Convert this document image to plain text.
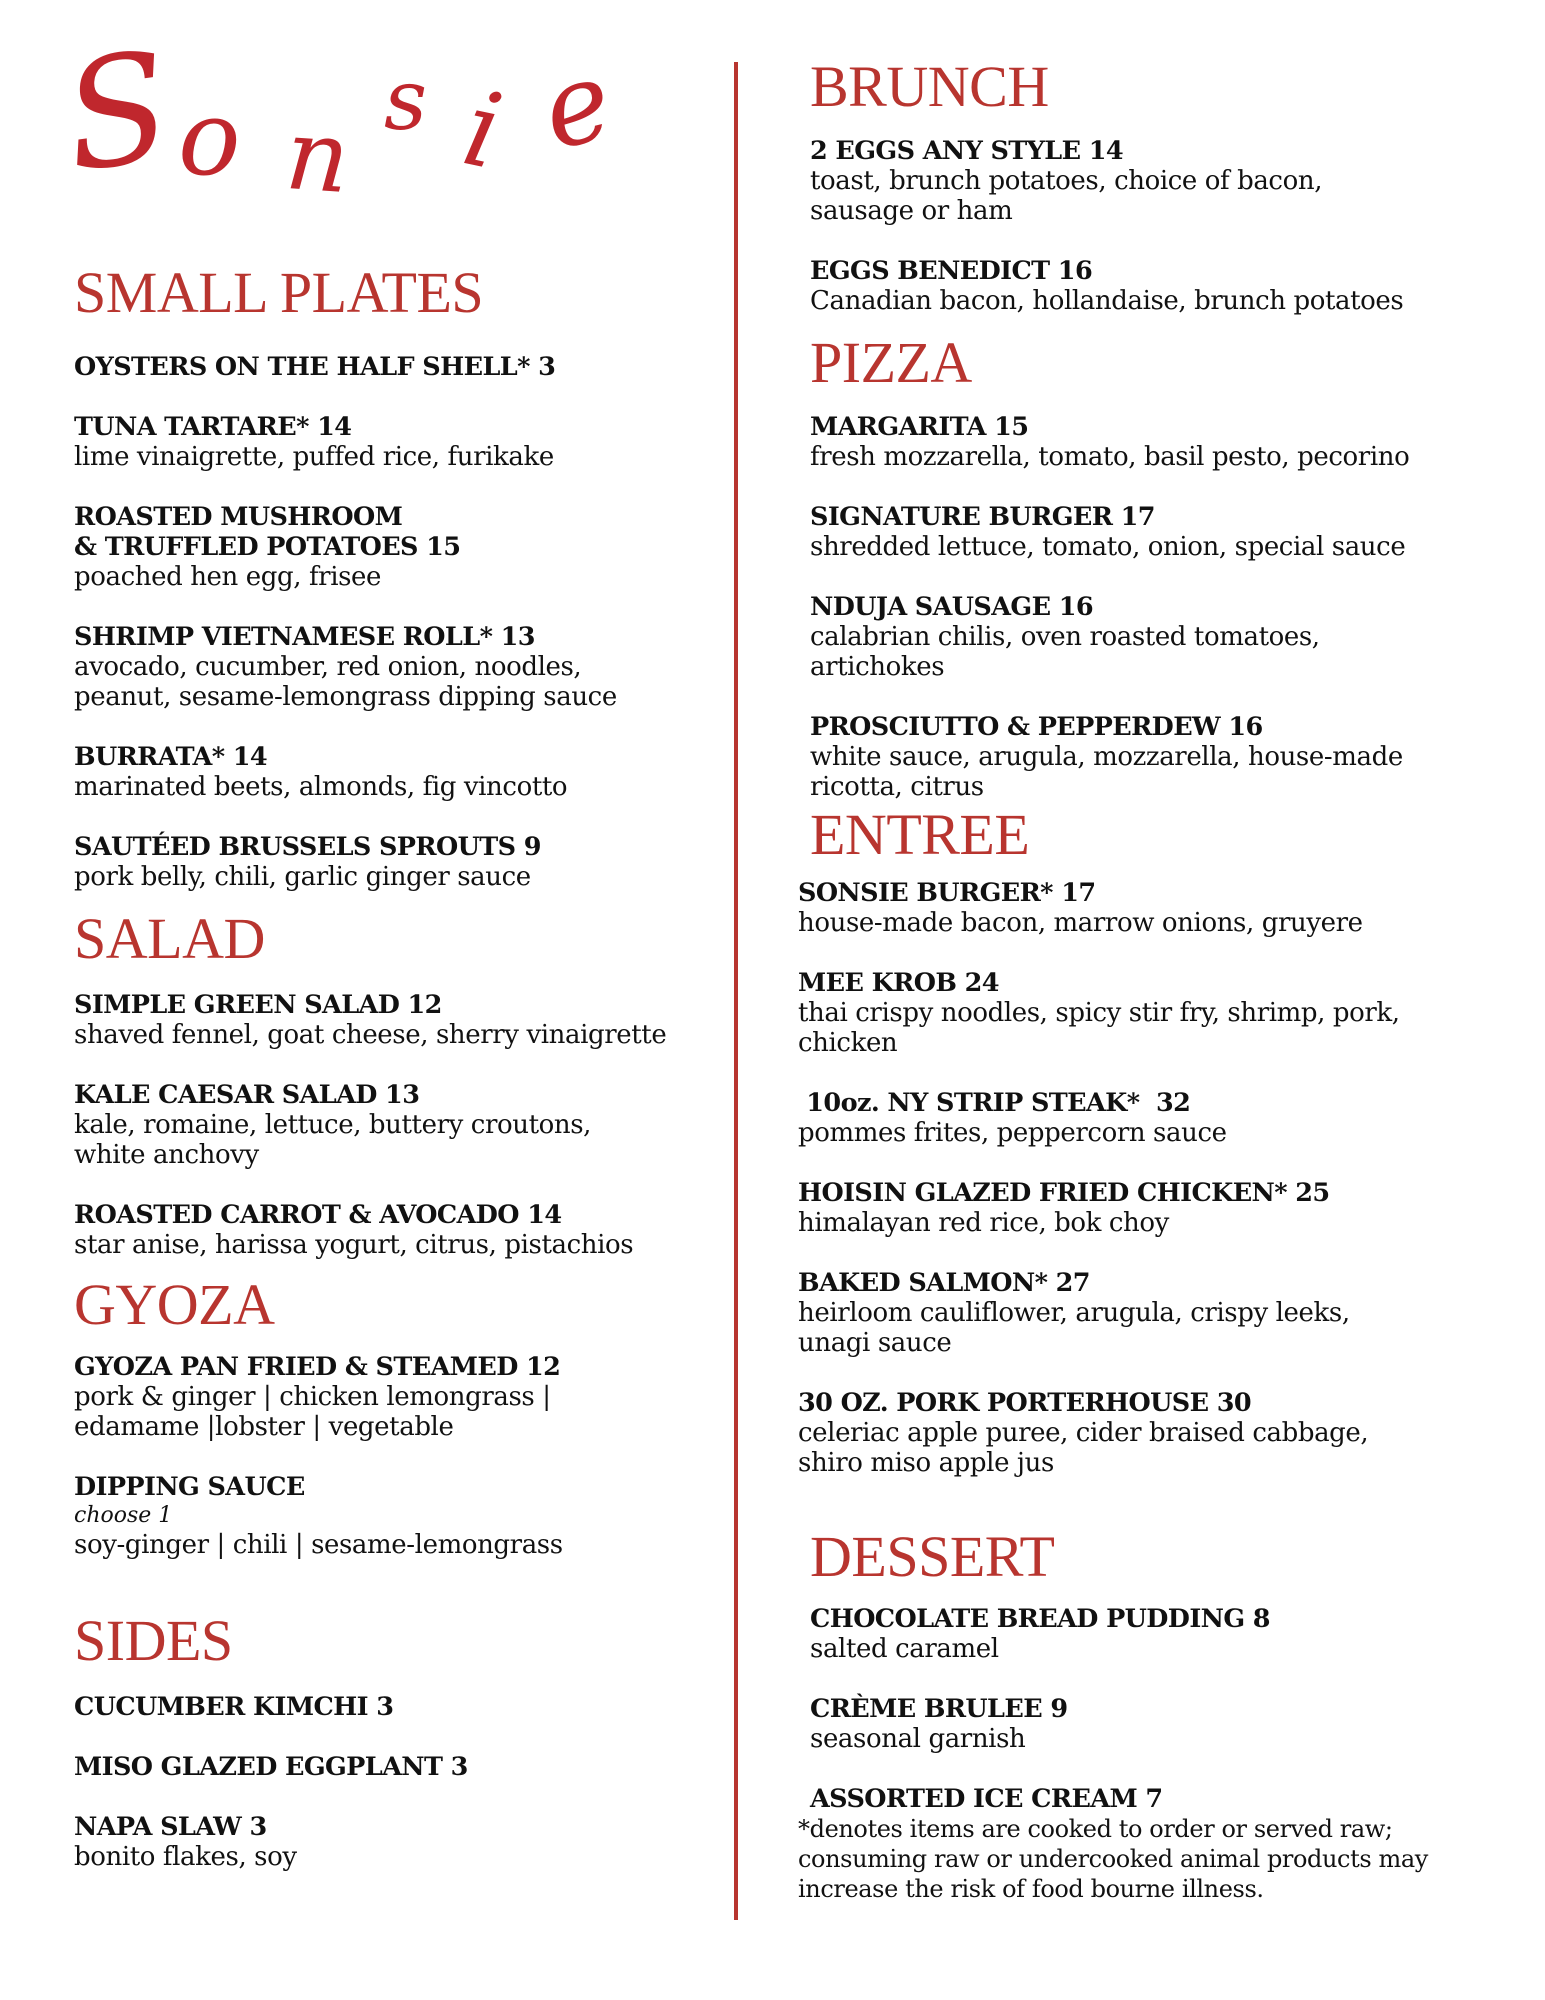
S
o n s i e
SMALL PLATES
OYSTERS ON THE HALF SHELL* 3
TUNA TARTARE* 14
lime vinaigrette, puffed rice, furikake
ROASTED MUSHROOM
& TRUFFLED POTATOES 15
poached hen egg, frisee
SHRIMP VIETNAMESE ROLL* 13
avocado, cucumber, red onion, noodles,
peanut, sesame-lemongrass dipping sauce
BURRATA* 14
marinated beets, almonds, fig vincotto
SAUTÉED BRUSSELS SPROUTS 9
pork belly, chili, garlic ginger sauce
SALAD
SIMPLE GREEN SALAD 12
shaved fennel, goat cheese, sherry vinaigrette
KALE CAESAR SALAD 13
kale, romaine, lettuce, buttery croutons,
white anchovy
ROASTED CARROT & AVOCADO 14
star anise, harissa yogurt, citrus, pistachios
GYOZA
GYOZA PAN FRIED & STEAMED 12
pork & ginger | chicken lemongrass |
edamame |lobster | vegetable
DIPPING SAUCE
choose 1
soy-ginger | chili | sesame-lemongrass
SIDES
CUCUMBER KIMCHI 3
MISO GLAZED EGGPLANT 3
NAPA SLAW 3
bonito flakes, soy
BRUNCH
2 EGGS ANY STYLE 14
toast, brunch potatoes, choice of bacon,
sausage or ham
EGGS BENEDICT 16
Canadian bacon, hollandaise, brunch potatoes
PIZZA
MARGARITA 15
fresh mozzarella, tomato, basil pesto, pecorino
SIGNATURE BURGER 17
shredded lettuce, tomato, onion, special sauce
NDUJA SAUSAGE 16
calabrian chilis, oven roasted tomatoes,
artichokes
PROSCIUTTO & PEPPERDEW 16
white sauce, arugula, mozzarella, house-made
ricotta, citrus
ENTREE
SONSIE BURGER* 17
house-made bacon, marrow onions, gruyere
MEE KROB 24
thai crispy noodles, spicy stir fry, shrimp, pork,
chicken
10oz. NY STRIP STEAK*  32
pommes frites, peppercorn sauce
HOISIN GLAZED FRIED CHICKEN* 25
himalayan red rice, bok choy
BAKED SALMON* 27
heirloom cauliflower, arugula, crispy leeks,
unagi sauce
30 OZ. PORK PORTERHOUSE 30
celeriac apple puree, cider braised cabbage,
shiro miso apple jus
DESSERT
CHOCOLATE BREAD PUDDING 8
salted caramel
CRÈME BRULEE 9
seasonal garnish
ASSORTED ICE CREAM 7
*denotes items are cooked to order or served raw;
consuming raw or undercooked animal products may
increase the risk of food bourne illness.
